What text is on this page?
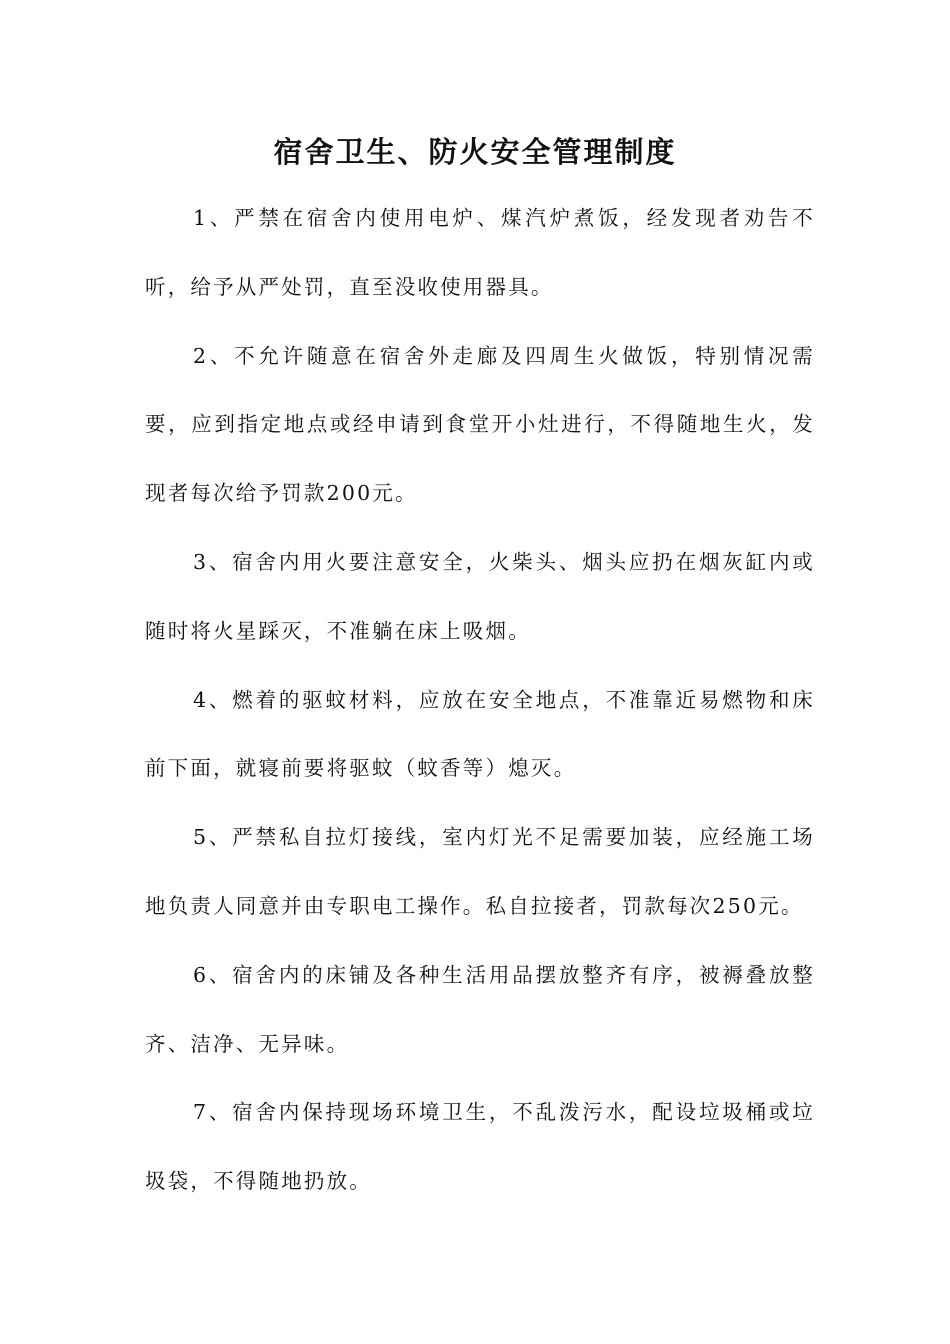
宿舍卫生、防火安全管理制度

1、严禁在宿舍内使用电炉、煤汽炉煮饭，经发现者劝告不听，给予从严处罚，直至没收使用器具。

2、不允许随意在宿舍外走廊及四周生火做饭，特别情况需要，应到指定地点或经申请到食堂开小灶进行，不得随地生火，发现者每次给予罚款200元。

3、宿舍内用火要注意安全，火柴头、烟头应扔在烟灰缸内或随时将火星踩灭，不准躺在床上吸烟。

4、燃着的驱蚊材料，应放在安全地点，不准靠近易燃物和床前下面，就寝前要将驱蚊（蚊香等）熄灭。

5、严禁私自拉灯接线，室内灯光不足需要加装，应经施工场地负责人同意并由专职电工操作。私自拉接者，罚款每次250元。

6、宿舍内的床铺及各种生活用品摆放整齐有序，被褥叠放整齐、洁净、无异味。

7、宿舍内保持现场环境卫生，不乱泼污水，配设垃圾桶或垃圾袋，不得随地扔放。
